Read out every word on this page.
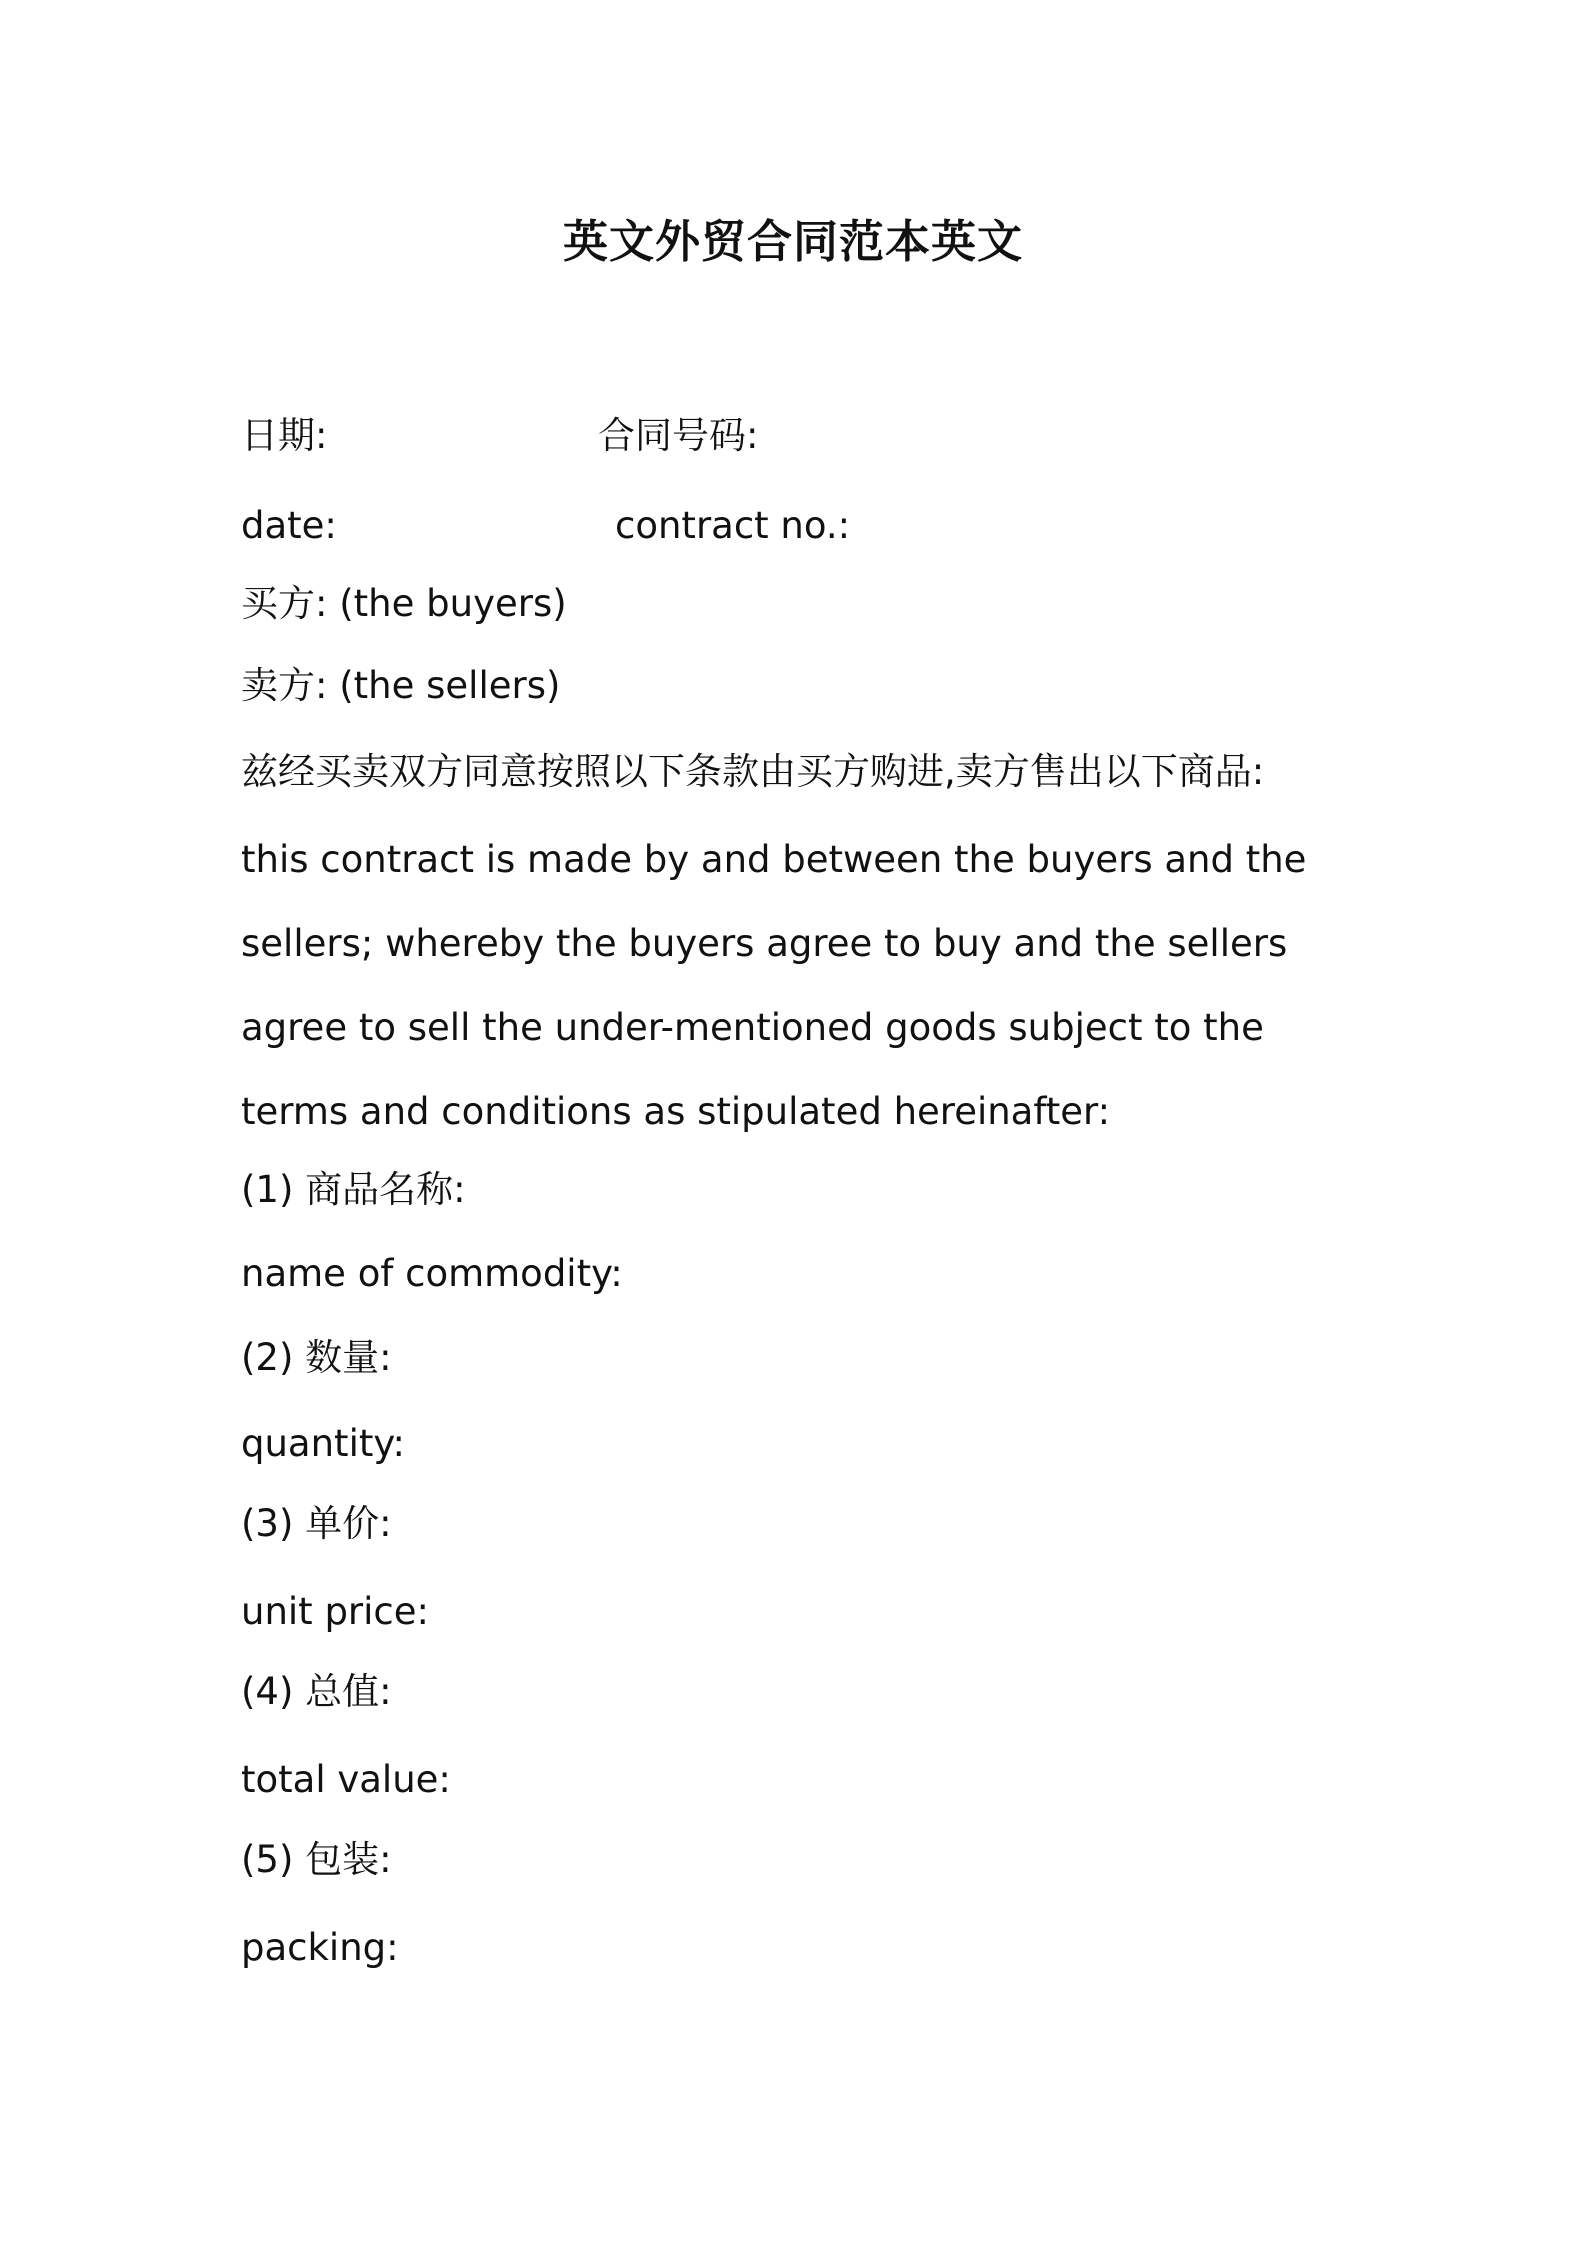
英文外贸合同范本英文
日期:	合同号码:
date:	contract no.:
买方: (the buyers)
卖方: (the sellers)
兹经买卖双方同意按照以下条款由买方购进,卖方售出以下商品:
this contract is made by and between the buyers and the sellers; whereby the buyers agree to buy and the sellers agree to sell the under-mentioned goods subject to the terms and conditions as stipulated hereinafter:
(1) 商品名称:
name of commodity:
(2) 数量:
quantity:
(3) 单价:
unit price:
(4) 总值:
total value:
(5) 包装:
packing:
